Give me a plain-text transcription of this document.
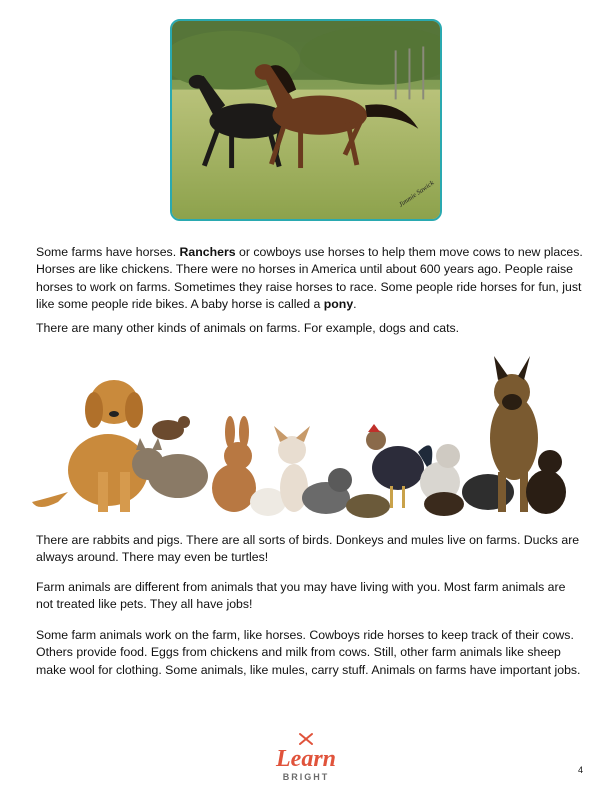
Jimmie Sawick

Some farms have horses. Ranchers or cowboys use horses to help them move cows to new places. Horses are like chickens. There were no horses in America until about 600 years ago. People raise horses to work on farms. Sometimes they raise horses to race. Some people ride horses for fun, just like some people ride bikes. A baby horse is called a pony.

There are many other kinds of animals on farms. For example, dogs and cats.

There are rabbits and pigs. There are all sorts of birds. Donkeys and mules live on farms. Ducks are always around. There may even be turtles!

Farm animals are different from animals that you may have living with you. Most farm animals are not treated like pets. They all have jobs!

Some farm animals work on the farm, like horses. Cowboys ride horses to keep track of their cows. Others provide food. Eggs from chickens and milk from cows. Still, other farm animals like sheep make wool for clothing. Some animals, like mules, carry stuff. Animals on farms have important jobs.

Learn
BRIGHT
4
